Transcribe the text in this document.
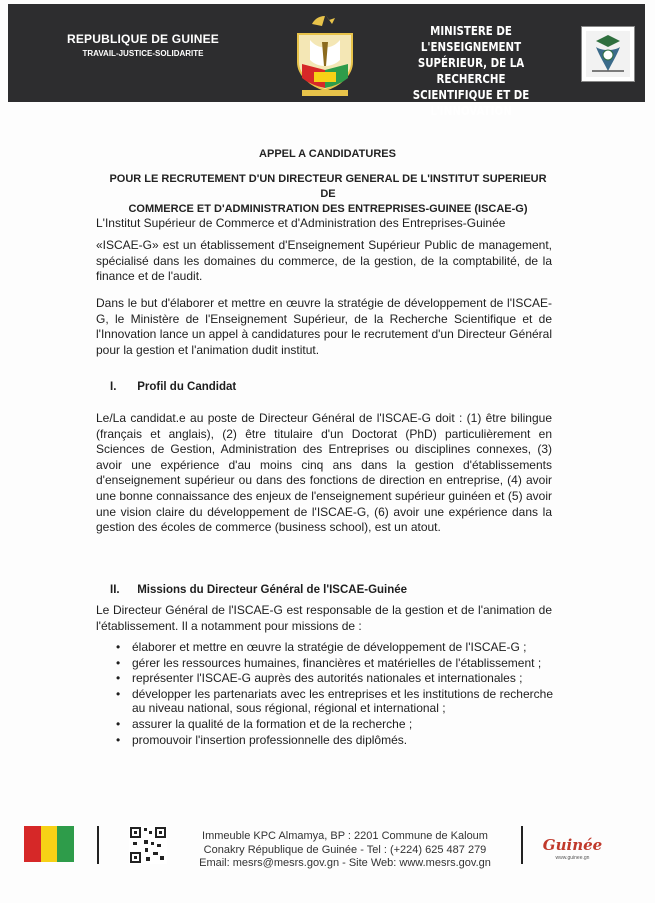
REPUBLIQUE DE GUINEE
TRAVAIL-JUSTICE-SOLIDARITE
MINISTERE DE L'ENSEIGNEMENT
SUPÉRIEUR, DE LA RECHERCHE
SCIENTIFIQUE ET DE L'INNOVATION
APPEL A CANDIDATURES
POUR LE RECRUTEMENT D'UN DIRECTEUR GENERAL DE L'INSTITUT SUPERIEUR DE
COMMERCE ET D'ADMINISTRATION DES ENTREPRISES-GUINEE (ISCAE-G)
L'Institut Supérieur de Commerce et d'Administration des Entreprises-Guinée
«ISCAE-G» est un établissement d'Enseignement Supérieur Public de management, spécialisé dans les domaines du commerce, de la gestion, de la comptabilité, de la finance et de l'audit.
Dans le but d'élaborer et mettre en œuvre la stratégie de développement de l'ISCAE-G, le Ministère de l'Enseignement Supérieur, de la Recherche Scientifique et de l'Innovation lance un appel à candidatures pour le recrutement d'un Directeur Général pour la gestion et l'animation dudit institut.
I. Profil du Candidat
Le/La candidat.e au poste de Directeur Général de l'ISCAE-G doit : (1) être bilingue (français et anglais), (2) être titulaire d'un Doctorat (PhD) particulièrement en Sciences de Gestion, Administration des Entreprises ou disciplines connexes, (3) avoir une expérience d'au moins cinq ans dans la gestion d'établissements d'enseignement supérieur ou dans des fonctions de direction en entreprise, (4) avoir une bonne connaissance des enjeux de l'enseignement supérieur guinéen et (5) avoir une vision claire du développement de l'ISCAE-G, (6) avoir une expérience dans la gestion des écoles de commerce (business school), est un atout.
II. Missions du Directeur Général de l'ISCAE-Guinée
Le Directeur Général de l'ISCAE-G est responsable de la gestion et de l'animation de l'établissement. Il a notamment pour missions de :
• élaborer et mettre en œuvre la stratégie de développement de l'ISCAE-G ;
• gérer les ressources humaines, financières et matérielles de l'établissement ;
• représenter l'ISCAE-G auprès des autorités nationales et internationales ;
• développer les partenariats avec les entreprises et les institutions de recherche au niveau national, sous régional, régional et international ;
• assurer la qualité de la formation et de la recherche ;
• promouvoir l'insertion professionnelle des diplômés.
Immeuble KPC Almamya, BP : 2201 Commune de Kaloum
Conakry République de Guinée - Tel : (+224) 625 487 279
Email: mesrs@mesrs.gov.gn - Site Web: www.mesrs.gov.gn
Guinée
www.guinee.gn
